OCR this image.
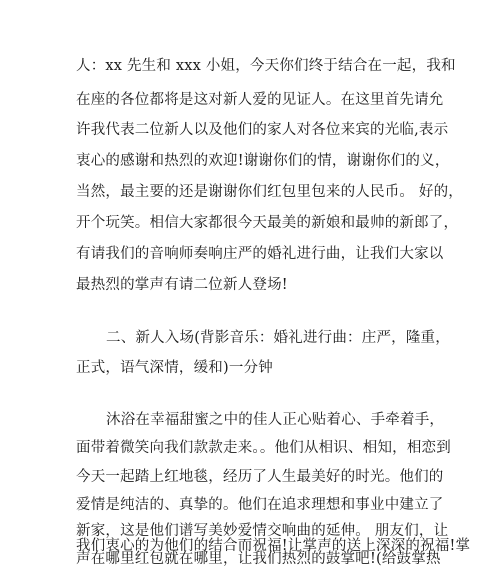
人：xx 先生和 xxx 小姐，今天你们终于结合在一起，我和
在座的各位都将是这对新人爱的见证人。在这里首先请允
许我代表二位新人以及他们的家人对各位来宾的光临,表示
衷心的感谢和热烈的欢迎!谢谢你们的情，谢谢你们的义，
当然，最主要的还是谢谢你们红包里包来的人民币。 好的，
开个玩笑。相信大家都很今天最美的新娘和最帅的新郎了，
有请我们的音响师奏响庄严的婚礼进行曲，让我们大家以
最热烈的掌声有请二位新人登场!
二、新人入场(背影音乐：婚礼进行曲：庄严，隆重，
正式，语气深情，缓和)一分钟
沐浴在幸福甜蜜之中的佳人正心贴着心、手牵着手，
面带着微笑向我们款款走来。。他们从相识、相知，相恋到
今天一起踏上红地毯，经历了人生最美好的时光。他们的
爱情是纯洁的、真挚的。他们在追求理想和事业中建立了
新家，这是他们谱写美妙爱情交响曲的延伸。 朋友们，让
我们衷心的为他们的结合而祝福!让掌声的送上深深的祝福!掌
声在哪里红包就在哪里，让我们热烈的鼓掌吧!(给鼓掌热
